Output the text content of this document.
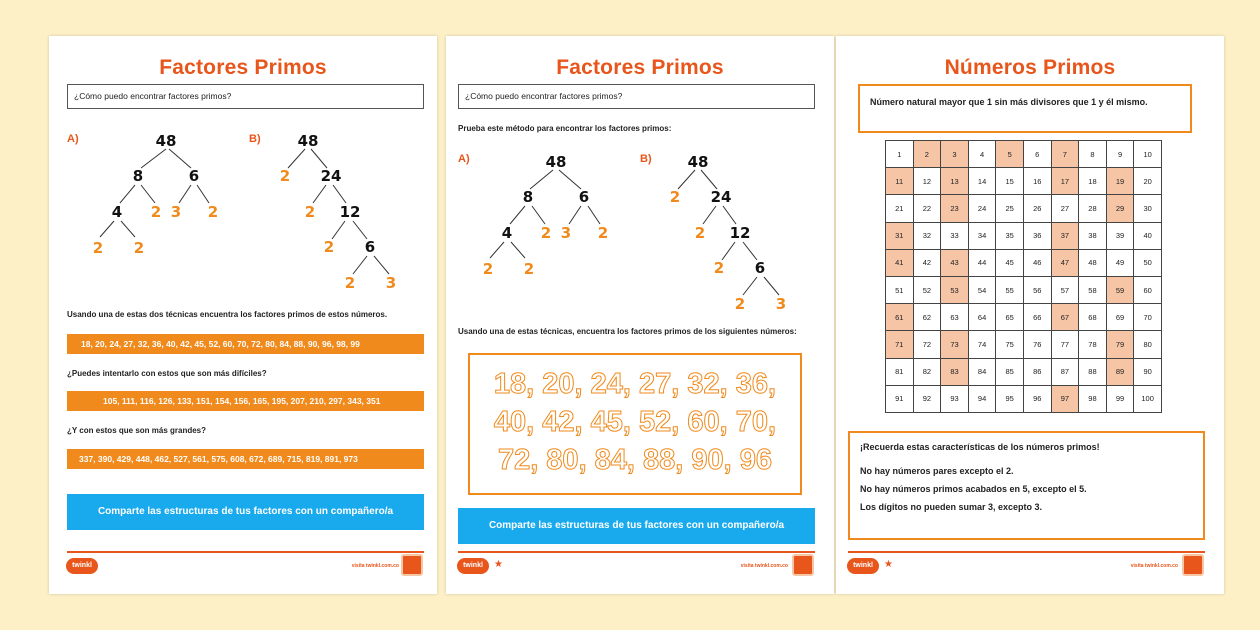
Factores Primos
¿Cómo puedo encontrar factores primos?
A)	B)
48
8	6
4 2 3 2
2 2
48
2 24
2 12
2 6
2 3
Usando una de estas dos técnicas encuentra los factores primos de estos números.
18, 20, 24, 27, 32, 36, 40, 42, 45, 52, 60, 70, 72, 80, 84, 88, 90, 96, 98, 99
¿Puedes intentarlo con estos que son más difíciles?
105, 111, 116, 126, 133, 151, 154, 156, 165, 195, 207, 210, 297, 343, 351
¿Y con estos que son más grandes?
337, 390, 429, 448, 462, 527, 561, 575, 608, 672, 689, 715, 819, 891, 973
Comparte las estructuras de tus factores con un compañero/a
twinkl	visita twinkl.com.co
Factores Primos
¿Cómo puedo encontrar factores primos?
Prueba este método para encontrar los factores primos:
A)	B)
48
8	6
4 2 3 2
2 2
48
2 24
2 12
2 6
2 3
Usando una de estas técnicas, encuentra los factores primos de los siguientes números:
18, 20, 24, 27, 32, 36,
40, 42, 45, 52, 60, 70,
72, 80, 84, 88, 90, 96
Comparte las estructuras de tus factores con un compañero/a
twinkl	★	visita twinkl.com.co
Números Primos
Número natural mayor que 1 sin más divisores que 1 y él mismo.
1	2	3	4	5	6	7	8	9	10
11	12	13	14	15	16	17	18	19	20
21	22	23	24	25	26	27	28	29	30
31	32	33	34	35	36	37	38	39	40
41	42	43	44	45	46	47	48	49	50
51	52	53	54	55	56	57	58	59	60
61	62	63	64	65	66	67	68	69	70
71	72	73	74	75	76	77	78	79	80
81	82	83	84	85	86	87	88	89	90
91	92	93	94	95	96	97	98	99	100

¡Recuerda estas características de los números primos!

No hay números pares excepto el 2.

No hay números primos acabados en 5, excepto el 5.

Los dígitos no pueden sumar 3, excepto 3.

twinkl	★	visita twinkl.com.co
